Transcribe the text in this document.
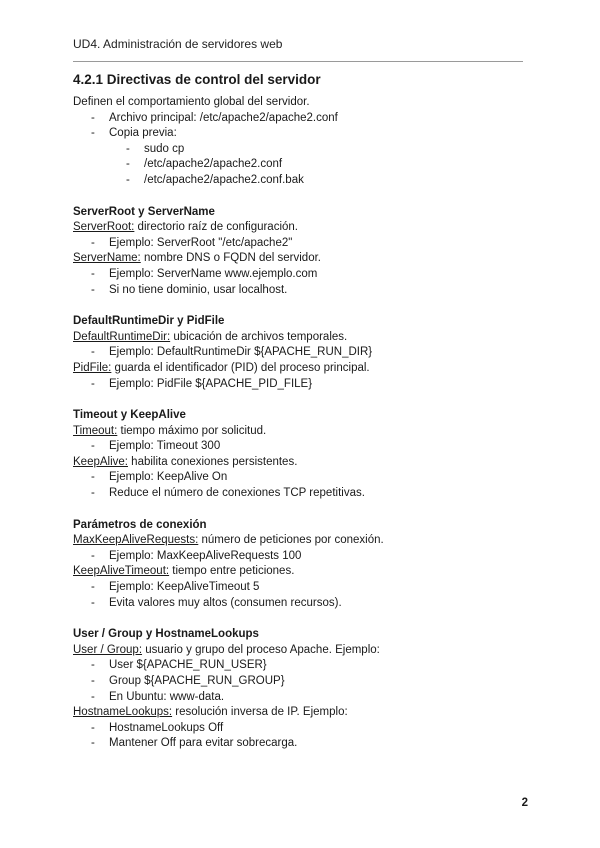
UD4. Administración de servidores web
4.2.1 Directivas de control del servidor

Definen el comportamiento global del servidor.

- Archivo principal: /etc/apache2/apache2.conf
- Copia previa:
- sudo cp
- /etc/apache2/apache2.conf
- /etc/apache2/apache2.conf.bak

ServerRoot y ServerName

ServerRoot: directorio raíz de configuración.

- Ejemplo: ServerRoot "/etc/apache2"

ServerName: nombre DNS o FQDN del servidor.

- Ejemplo: ServerName www.ejemplo.com
- Si no tiene dominio, usar localhost.

DefaultRuntimeDir y PidFile

DefaultRuntimeDir: ubicación de archivos temporales.

- Ejemplo: DefaultRuntimeDir ${APACHE_RUN_DIR}

PidFile: guarda el identificador (PID) del proceso principal.

- Ejemplo: PidFile ${APACHE_PID_FILE}

Timeout y KeepAlive

Timeout: tiempo máximo por solicitud.

- Ejemplo: Timeout 300

KeepAlive: habilita conexiones persistentes.

- Ejemplo: KeepAlive On
- Reduce el número de conexiones TCP repetitivas.

Parámetros de conexión

MaxKeepAliveRequests: número de peticiones por conexión.

- Ejemplo: MaxKeepAliveRequests 100

KeepAliveTimeout: tiempo entre peticiones.

- Ejemplo: KeepAliveTimeout 5
- Evita valores muy altos (consumen recursos).

User / Group y HostnameLookups

User / Group: usuario y grupo del proceso Apache. Ejemplo:

- User ${APACHE_RUN_USER}
- Group ${APACHE_RUN_GROUP}
- En Ubuntu: www-data.

HostnameLookups: resolución inversa de IP. Ejemplo:

- HostnameLookups Off
- Mantener Off para evitar sobrecarga.
2
